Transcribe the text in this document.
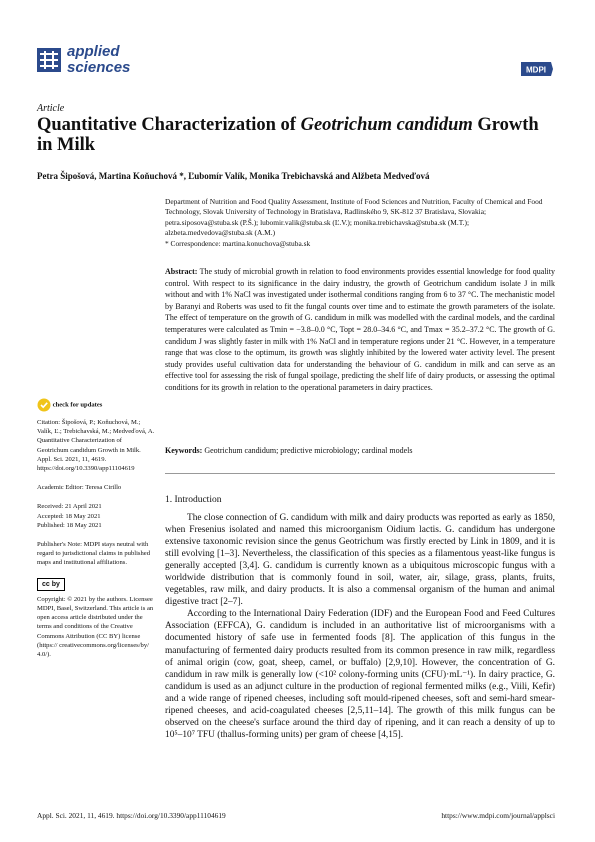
applied
sciences	MDPI
Article
Quantitative Characterization of Geotrichum candidum Growth in Milk
Petra Šipošová, Martina Koňuchová *, Ľubomír Valík, Monika Trebichavská and Alžbeta Medveďová
Department of Nutrition and Food Quality Assessment, Institute of Food Sciences and Nutrition, Faculty of Chemical and Food Technology, Slovak University of Technology in Bratislava, Radlinského 9, SK-812 37 Bratislava, Slovakia; petra.siposova@stuba.sk (P.Š.); lubomir.valik@stuba.sk (Ľ.V.); monika.trebichavska@stuba.sk (M.T.); alzbeta.medvedova@stuba.sk (A.M.)
* Correspondence: martina.konuchova@stuba.sk
Abstract: The study of microbial growth in relation to food environments provides essential knowledge for food quality control. With respect to its significance in the dairy industry, the growth of Geotrichum candidum isolate J in milk without and with 1% NaCl was investigated under isothermal conditions ranging from 6 to 37 °C. The mechanistic model by Baranyi and Roberts was used to fit the fungal counts over time and to estimate the growth parameters of the isolate. The effect of temperature on the growth of G. candidum in milk was modelled with the cardinal models, and the cardinal temperatures were calculated as Tmin = −3.8–0.0 °C, Topt = 28.0–34.6 °C, and Tmax = 35.2–37.2 °C. The growth of G. candidum J was slightly faster in milk with 1% NaCl and in temperature regions under 21 °C. However, in a temperature range that was close to the optimum, its growth was slightly inhibited by the lowered water activity level. The present study provides useful cultivation data for understanding the behaviour of G. candidum in milk and can serve as an effective tool for assessing the risk of fungal spoilage, predicting the shelf life of dairy products, or assessing the optimal conditions for its growth in relation to the operational parameters in dairy practices.
Keywords: Geotrichum candidum; predictive microbiology; cardinal models

check for updates

Citation: Šipošová, P.; Koňuchová, M.; Valík, Ľ.; Trebichavská, M.; Medveďová, A. Quantitative Characterization of Geotrichum candidum Growth in Milk. Appl. Sci. 2021, 11, 4619. https://doi.org/10.3390/app11104619

Academic Editor: Teresa Cirillo

Received: 21 April 2021

Accepted: 18 May 2021

Published: 18 May 2021

Publisher's Note: MDPI stays neutral with regard to jurisdictional claims in published maps and institutional affiliations.

cc by

Copyright: © 2021 by the authors. Licensee MDPI, Basel, Switzerland. This article is an open access article distributed under the terms and conditions of the Creative Commons Attribution (CC BY) license (https:// creativecommons.org/licenses/by/ 4.0/).

1. Introduction

The close connection of G. candidum with milk and dairy products was reported as early as 1850, when Fresenius isolated and named this microorganism Oidium lactis. G. candidum has undergone extensive taxonomic revision since the genus Geotrichum was firstly erected by Link in 1809, and it is still evolving [1–3]. Nevertheless, the classification of this species as a filamentous yeast-like fungus is generally accepted [3,4]. G. candidum is currently known as a ubiquitous microscopic fungus with a worldwide distribution that is commonly found in soil, water, air, silage, grass, plants, fruits, vegetables, raw milk, and dairy products. It is also a commensal organism of the human and animal digestive tract [2–7].

According to the International Dairy Federation (IDF) and the European Food and Feed Cultures Association (EFFCA), G. candidum is included in an authoritative list of microorganisms with a documented history of safe use in fermented foods [8]. The application of this fungus in the manufacturing of fermented dairy products resulted from its common presence in raw milk, regardless of animal origin (cow, goat, sheep, camel, or buffalo) [2,9,10]. However, the concentration of G. candidum in raw milk is generally low (<10² colony-forming units (CFU)·mL⁻¹). In dairy practice, G. candidum is used as an adjunct culture in the production of regional fermented milks (e.g., Viili, Kefir) and a wide range of ripened cheeses, including soft mould-ripened cheeses, soft and semi-hard smear-ripened cheeses, and acid-coagulated cheeses [2,5,11–14]. The growth of this milk fungus can be observed on the cheese's surface around the third day of ripening, and it can reach a density of up to 10⁵–10⁷ TFU (thallus-forming units) per gram of cheese [4,15].

Appl. Sci. 2021, 11, 4619. https://doi.org/10.3390/app11104619	https://www.mdpi.com/journal/applsci
